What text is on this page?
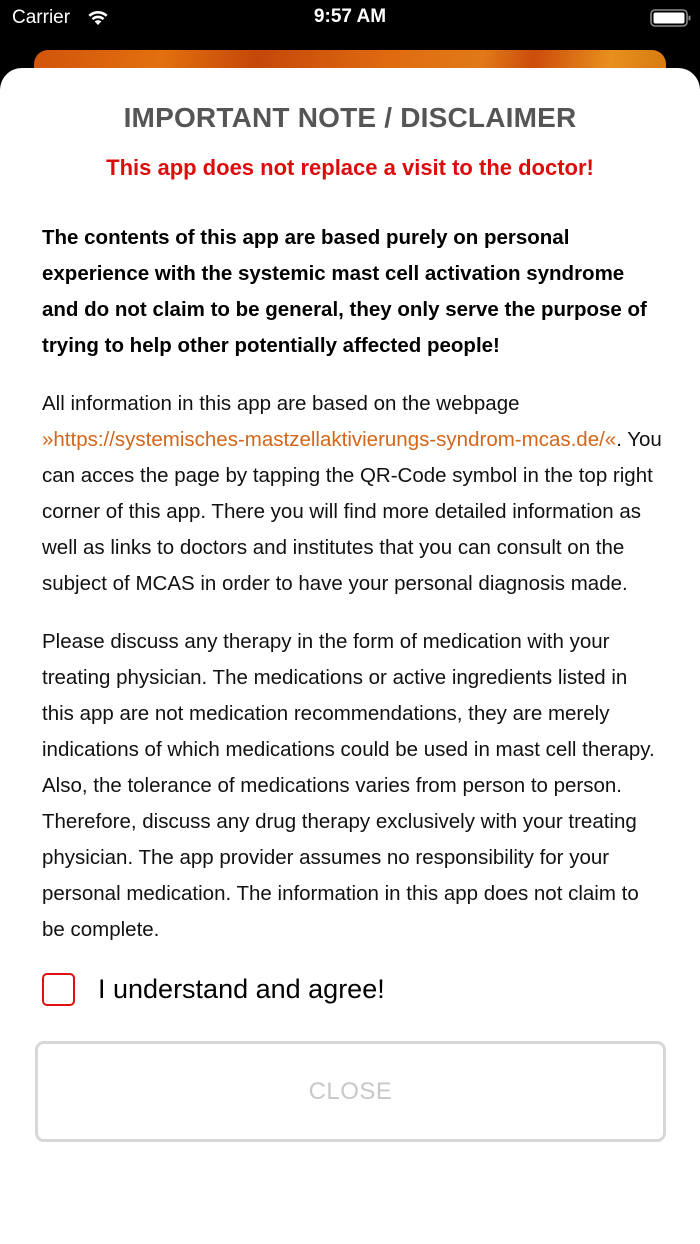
Carrier	9:57 AM
IMPORTANT NOTE / DISCLAIMER
This app does not replace a visit to the doctor!

The contents of this app are based purely on personal experience with the systemic mast cell activation syndrome and do not claim to be general, they only serve the purpose of trying to help other potentially affected people!

All information in this app are based on the webpage »https://systemisches-mastzellaktivierungs-syndrom-mcas.de/«. You can acces the page by tapping the QR-Code symbol in the top right corner of this app. There you will find more detailed information as well as links to doctors and institutes that you can consult on the subject of MCAS in order to have your personal diagnosis made.

Please discuss any therapy in the form of medication with your treating physician. The medications or active ingredients listed in this app are not medication recommendations, they are merely indications of which medications could be used in mast cell therapy. Also, the tolerance of medications varies from person to person. Therefore, discuss any drug therapy exclusively with your treating physician. The app provider assumes no responsibility for your personal medication. The information in this app does not claim to be complete.

I understand and agree!
CLOSE
